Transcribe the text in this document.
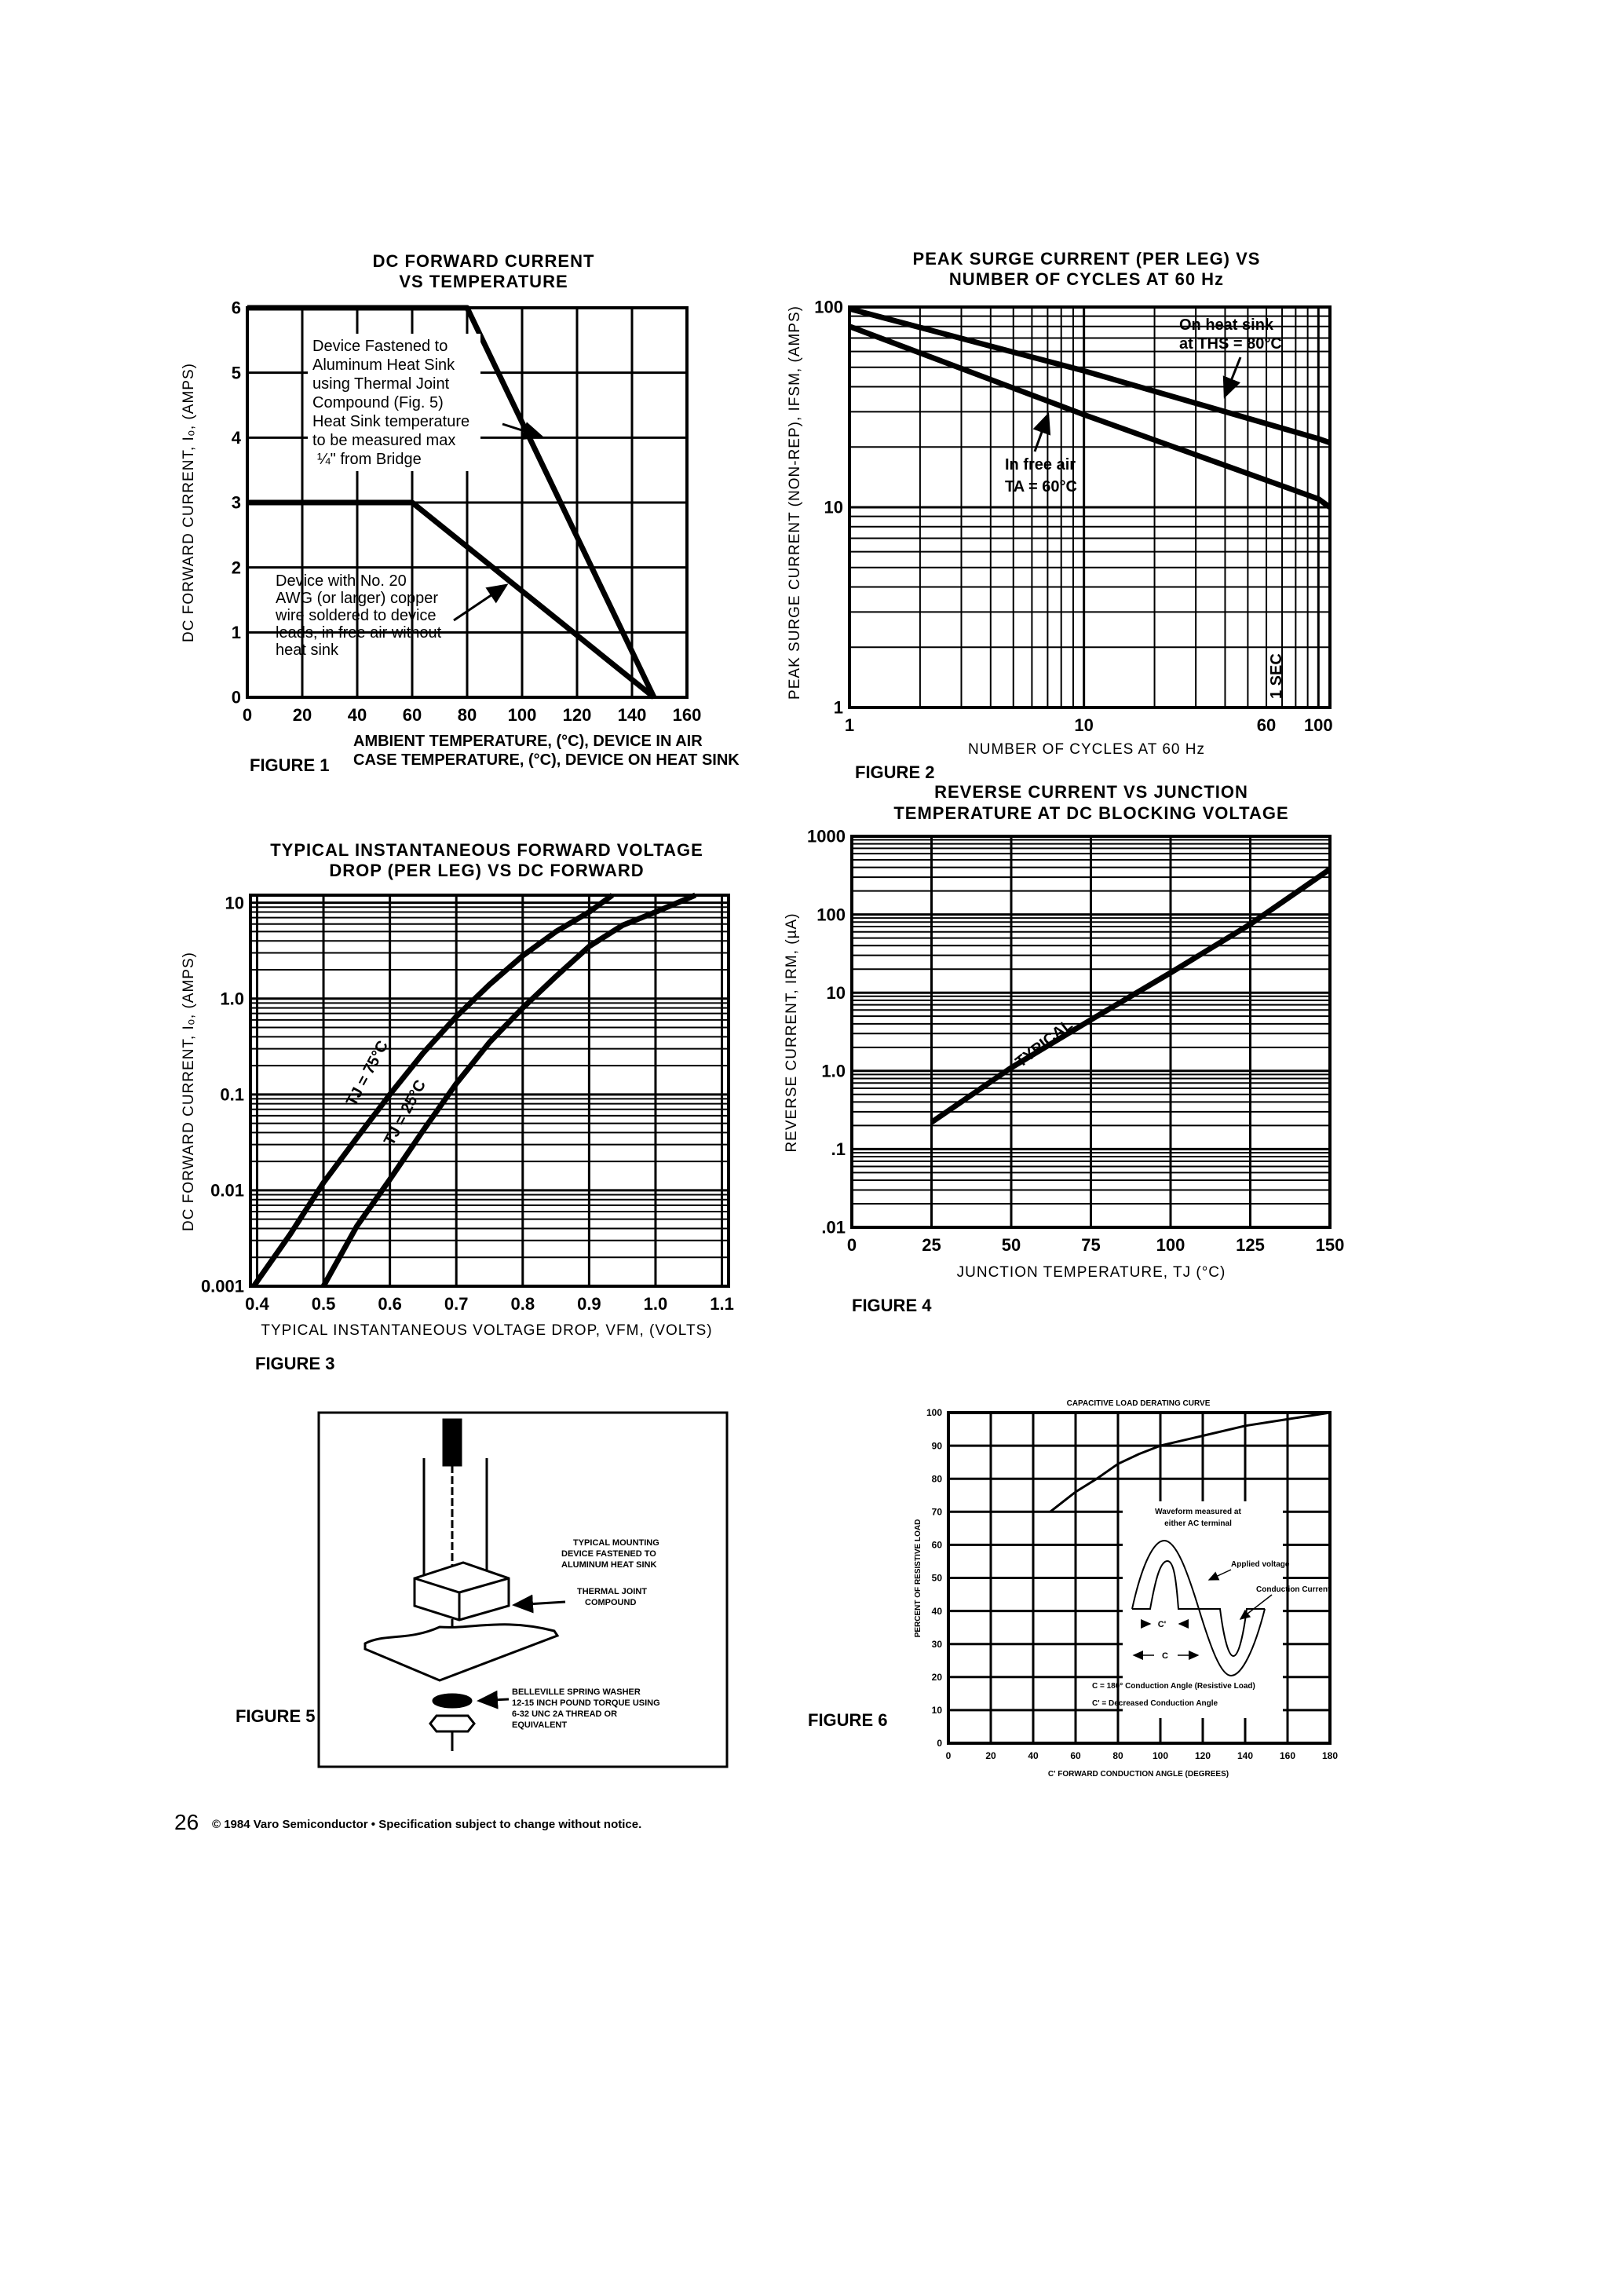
0 20 40 60 80 100 120 140 160
0
1
2
3
4
5
6
DC FORWARD CURRENT
VS TEMPERATURE
DC FORWARD CURRENT, Iₒ, (AMPS)
AMBIENT TEMPERATURE, (°C), DEVICE IN AIR
CASE TEMPERATURE, (°C), DEVICE ON HEAT SINK
FIGURE 1
Device Fastened to
Aluminum Heat Sink
using Thermal Joint
Compound (Fig. 5)
Heat Sink temperature
to be measured max
¼" from Bridge
Device with No. 20
AWG (or larger) copper
wire soldered to device
leads, in free air without
heat sink
1	10	60 100
1
10
100
PEAK SURGE CURRENT (PER LEG) VS
NUMBER OF CYCLES AT 60 Hz
PEAK SURGE CURRENT (NON-REP), IFSM, (AMPS)
NUMBER OF CYCLES AT 60 Hz
FIGURE 2
On heat sink
at THS = 80°C
In free air
TA = 60°C
1 SEC
0.4 0.5 0.6 0.7 0.8 0.9 1.0 1.1
0.001
0.01
0.1
1.0
10
TYPICAL INSTANTANEOUS FORWARD VOLTAGE
DROP (PER LEG) VS DC FORWARD
DC FORWARD CURRENT, Iₒ, (AMPS)
TYPICAL INSTANTANEOUS VOLTAGE DROP, VFM, (VOLTS)
FIGURE 3
TJ = 75°C
TJ = 25°C
0	25	50	75	100	125	150
.01
.1
1.0
10
100
1000
REVERSE CURRENT VS JUNCTION
TEMPERATURE AT DC BLOCKING VOLTAGE
REVERSE CURRENT, IRM, (µA)
JUNCTION TEMPERATURE, TJ (°C)
FIGURE 4
TYPICAL
FIGURE 5
TYPICAL MOUNTING
DEVICE FASTENED TO
ALUMINUM HEAT SINK
THERMAL JOINT
COMPOUND
BELLEVILLE SPRING WASHER
12-15 INCH POUND TORQUE USING
6-32 UNC 2A THREAD OR
EQUIVALENT
0	20	40	60	80	100	120	140	160	180
0
10
20
30
40
50
60
70
80
90
100
CAPACITIVE LOAD DERATING CURVE
PERCENT OF RESISTIVE LOAD
C' FORWARD CONDUCTION ANGLE (DEGREES)
FIGURE 6
Waveform measured at
either AC terminal
Applied voltage
Conduction Current
C'
C
C = 180° Conduction Angle (Resistive Load)
C' = Decreased Conduction Angle
26 © 1984 Varo Semiconductor • Specification subject to change without notice.
